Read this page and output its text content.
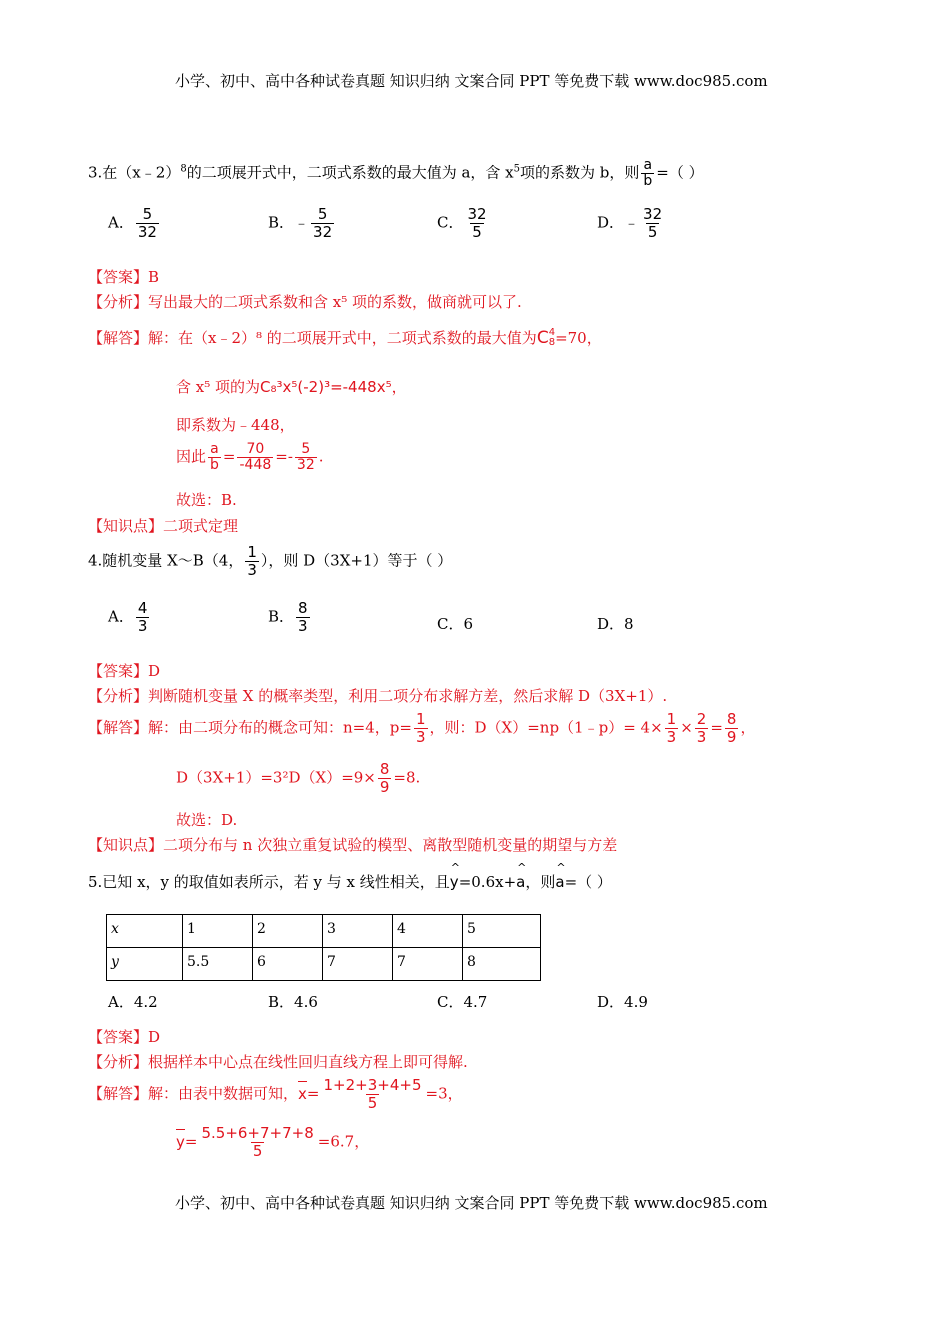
小学、初中、高中各种试卷真题 知识归纳 文案合同 PPT 等免费下载 www.doc985.com
小学、初中、高中各种试卷真题 知识归纳 文案合同 PPT 等免费下载 www.doc985.com
3.在（x﹣2）$^8$的二项展开式中，二项式系数的最大值为 a，含 $x^5$项的系数为 b，则 $\frac{a}{b}$ =（ ）
A． $\frac{5}{32}$	B．﹣ $\frac{5}{32}$	C． $\frac{32}{5}$	D．﹣ $\frac{32}{5}$
【答案】B
【分析】写出最大的二项式系数和含 x⁵ 项的系数，做商就可以了.
【解答】解：在（x﹣2）⁸ 的二项展开式中，二项式系数的最大值为C 4
8 =70，
含 x⁵ 项的为C₈³x⁵(-2)³=-448x⁵，
即系数为﹣448，
因此 $\frac{a}{b} = \frac{70}{-448} =- \frac{5}{32}$ .
故选：B.
【知识点】二项式定理
4.随机变量 X～B（4， $\frac{1}{3}$ ），则 D（3X+1）等于（ ）
A． $\frac{4}{3}$	B． $\frac{8}{3}$	C．6	D．8
【答案】D
【分析】判断随机变量 X 的概率类型，利用二项分布求解方差，然后求解 D（3X+1）.
【解答】解：由二项分布的概念可知：n=4，$p= \frac{1}{3}$ ，则：D（X）=np（1﹣p）= $4\times \frac{1}{3} \times \frac{2}{3} = \frac{8}{9}$ ，
$D(3X+1)=3^2D(X)=9\times \frac{8}{9} =8$.
故选：D.
【知识点】二项分布与 n 次独立重复试验的模型、离散型随机变量的期望与方差
5.已知 x，y 的取值如表所示，若 y 与 x 线性相关，且^ y=0.6x+^ a，则^ a=（ ）
x	1	2	3	4	5
y	5.5	6	7	7	8
A．4.2	B．4.6	C．4.7	D．4.9
【答案】D
【分析】根据样本中心点在线性回归直线方程上即可得解.
【解答】解：由表中数据可知，$x= \frac{1+2+3+4+5}{5} =3$，
$y= \frac{5.5+6+7+7+8}{5} =6.7$，
